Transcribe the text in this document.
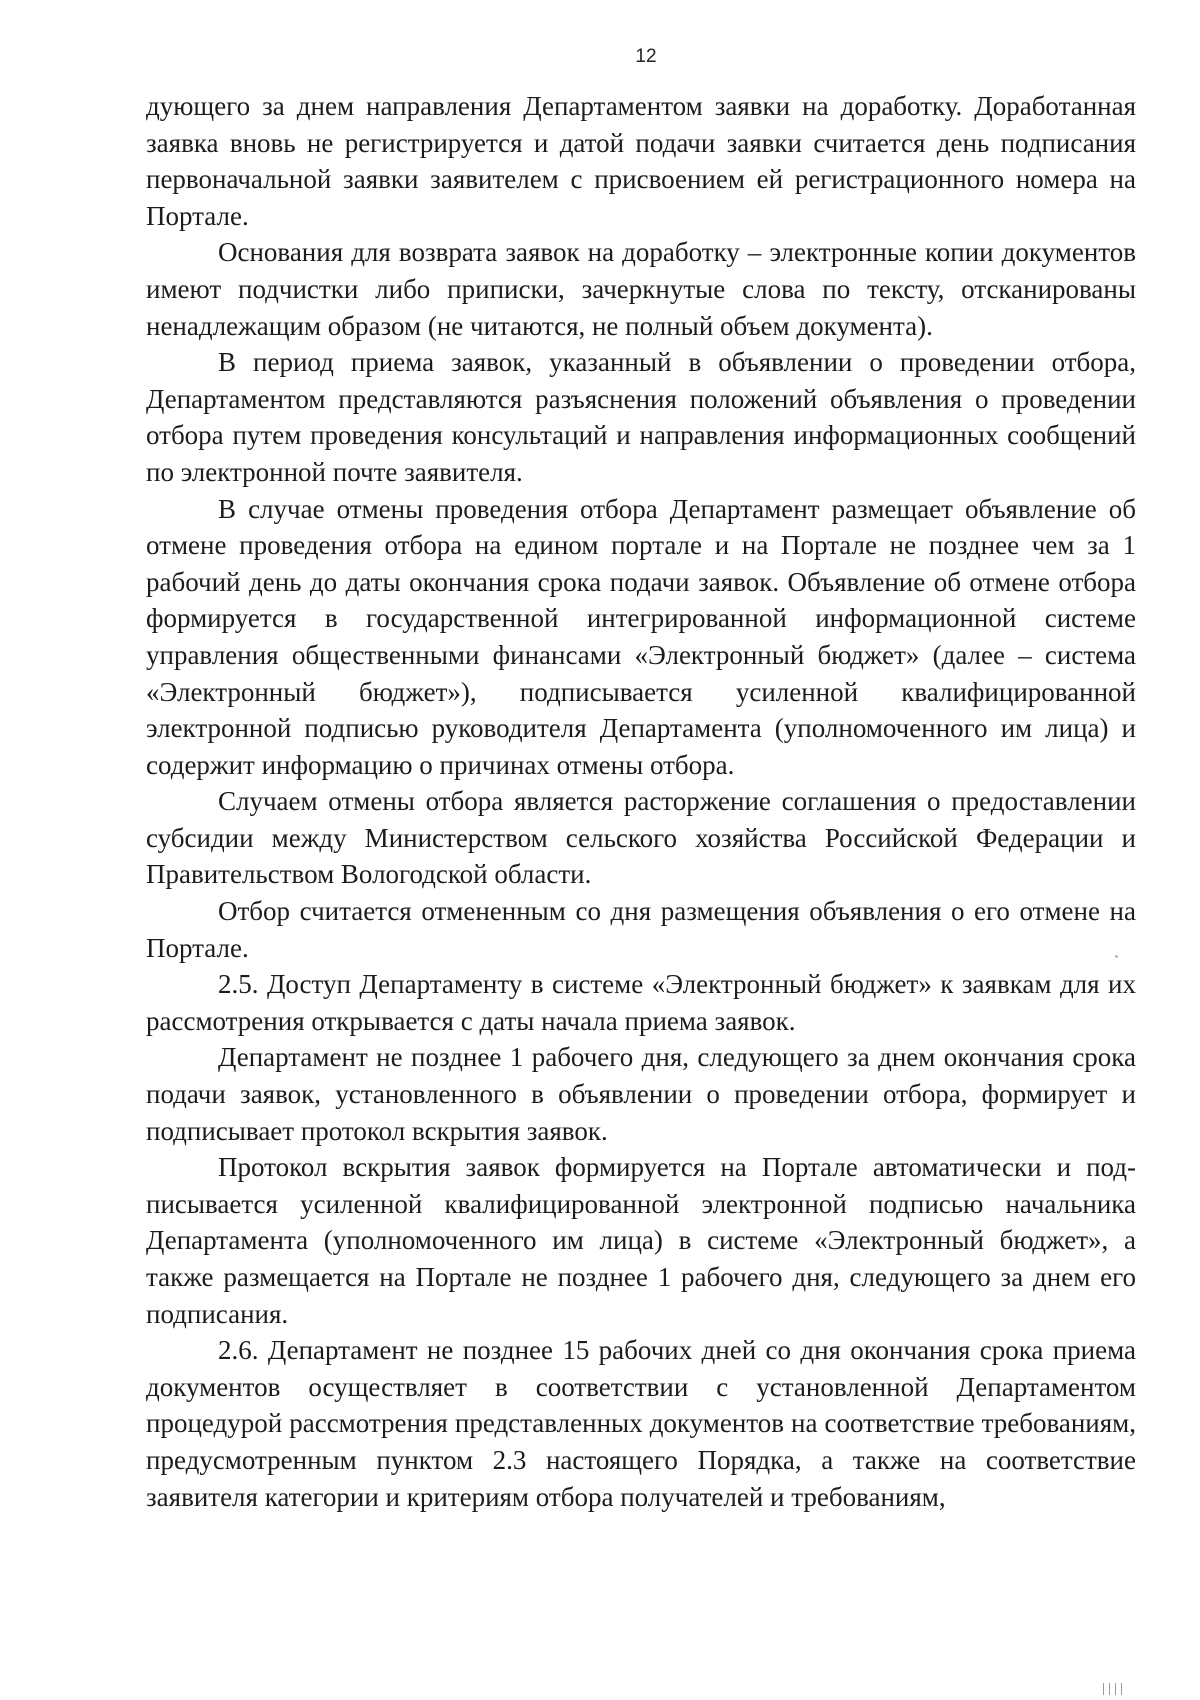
12

дующего за днем направления Департаментом заявки на доработку. Доработанная заявка вновь не регистрируется и датой подачи заявки считается день подписания первоначальной заявки заявителем с присвоением ей регистрационного номера на Портале.

Основания для возврата заявок на доработку – электронные копии документов имеют подчистки либо приписки, зачеркнутые слова по тексту, отсканированы ненадлежащим образом (не читаются, не полный объем документа).

В период приема заявок, указанный в объявлении о проведении отбора, Департаментом представляются разъяснения положений объявления о проведении отбора путем проведения консультаций и направления информационных сообщений по электронной почте заявителя.

В случае отмены проведения отбора Департамент размещает объявление об отмене проведения отбора на едином портале и на Портале не позднее чем за 1 рабочий день до даты окончания срока подачи заявок. Объявление об отмене отбора формируется в государственной интегрированной информационной системе управления общественными финансами «Электронный бюджет» (далее – система «Электронный бюджет»), подписывается усиленной квалифицированной электронной подписью руководителя Департамента (уполномоченного им лица) и содержит информацию о причинах отмены отбора.

Случаем отмены отбора является расторжение соглашения о предоставлении субсидии между Министерством сельского хозяйства Российской Федерации и Правительством Вологодской области.

Отбор считается отмененным со дня размещения объявления о его отмене на Портале.

2.5. Доступ Департаменту в системе «Электронный бюджет» к заявкам для их рассмотрения открывается с даты начала приема заявок.

Департамент не позднее 1 рабочего дня, следующего за днем окончания срока подачи заявок, установленного в объявлении о проведении отбора, формирует и подписывает протокол вскрытия заявок.

Протокол вскрытия заявок формируется на Портале автоматически и подписывается усиленной квалифицированной электронной подписью начальника Департамента (уполномоченного им лица) в системе «Электронный бюджет», а также размещается на Портале не позднее 1 рабочего дня, следующего за днем его подписания.

2.6. Департамент не позднее 15 рабочих дней со дня окончания срока приема документов осуществляет в соответствии с установленной Департаментом процедурой рассмотрения представленных документов на соответствие требованиям, предусмотренным пунктом 2.3 настоящего Порядка, а также на соответствие заявителя категории и критериям отбора получателей и требованиям,
